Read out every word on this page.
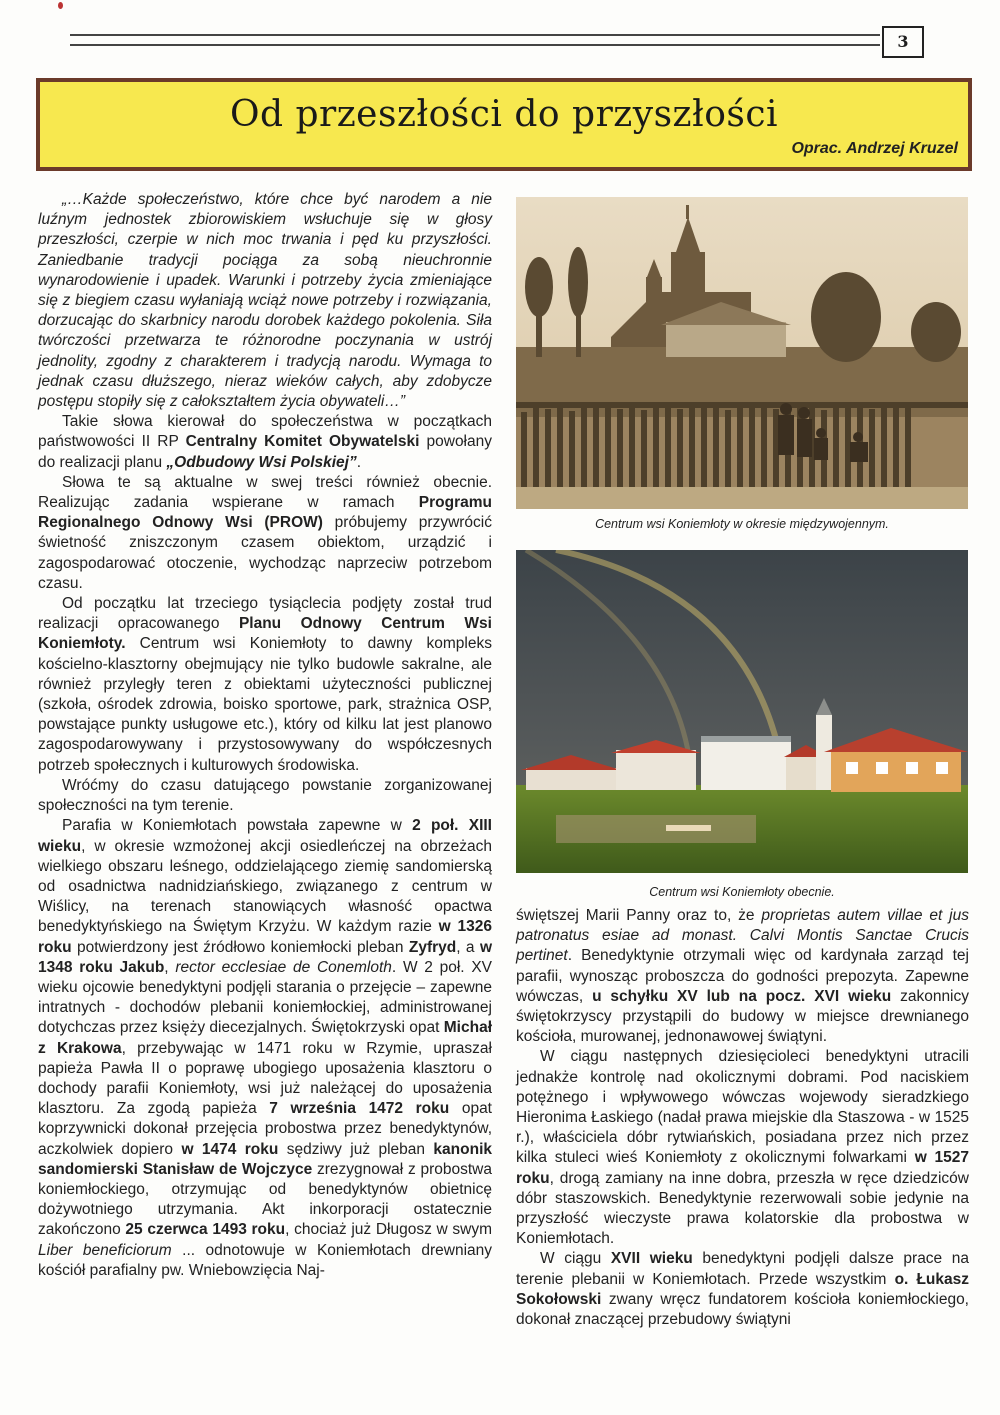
3
Od przeszłości do przyszłości
Oprac. Andrzej Kruzel

„…Każde społeczeństwo, które chce być narodem a nie luźnym jednostek zbiorowiskiem wsłuchuje się w głosy przeszłości, czerpie w nich moc trwania i pęd ku przyszłości. Zaniedbanie tradycji pociąga za sobą nieuchronnie wynarodowienie i upadek. Warunki i potrzeby życia zmieniające się z biegiem czasu wyłaniają wciąż nowe potrzeby i rozwiązania, dorzucając do skarbnicy narodu dorobek każdego pokolenia. Siła twórczości przetwarza te różnorodne poczynania w ustrój jednolity, zgodny z charakterem i tradycją narodu. Wymaga to jednak czasu dłuższego, nieraz wieków całych, aby zdobycze postępu stopiły się z całokształtem życia obywateli…”

Takie słowa kierował do społeczeństwa w początkach państwowości II RP Centralny Komitet Obywatelski powołany do realizacji planu „Odbudowy Wsi Polskiej”.

Słowa te są aktualne w swej treści również obecnie. Realizując zadania wspierane w ramach Programu Regionalnego Odnowy Wsi (PROW) próbujemy przywrócić świetność zniszczonym czasem obiektom, urządzić i zagospodarować otoczenie, wychodząc naprzeciw potrzebom czasu.

Od początku lat trzeciego tysiąclecia podjęty został trud realizacji opracowanego Planu Odnowy Centrum Wsi Koniemłoty. Centrum wsi Koniemłoty to dawny kompleks kościelno-klasztorny obejmujący nie tylko budowle sakralne, ale również przyległy teren z obiektami użyteczności publicznej (szkoła, ośrodek zdrowia, boisko sportowe, park, strażnica OSP, powstające punkty usługowe etc.), który od kilku lat jest planowo zagospodarowywany i przystosowywany do współczesnych potrzeb społecznych i kulturowych środowiska.

Wróćmy do czasu datującego powstanie zorganizowanej społeczności na tym terenie.

Parafia w Koniemłotach powstała zapewne w 2 poł. XIII wieku, w okresie wzmożonej akcji osiedleńczej na obrzeżach wielkiego obszaru leśnego, oddzielającego ziemię sandomierską od osadnictwa nadnidziańskiego, związanego z centrum w Wiślicy, na terenach stanowiących własność opactwa benedyktyńskiego na Świętym Krzyżu. W każdym razie w 1326 roku potwierdzony jest źródłowo koniemłocki pleban Zyfryd, a w 1348 roku Jakub, rector ecclesiae de Conemloth. W 2 poł. XV wieku ojcowie benedyktyni podjęli starania o przejęcie – zapewne intratnych - dochodów plebanii koniemłockiej, administrowanej dotychczas przez księży diecezjalnych. Świętokrzyski opat Michał z Krakowa, przebywając w 1471 roku w Rzymie, upraszał papieża Pawła II o poprawę ubogiego uposażenia klasztoru o dochody parafii Koniemłoty, wsi już należącej do uposażenia klasztoru. Za zgodą papieża 7 września 1472 roku opat koprzywnicki dokonał przejęcia probostwa przez benedyktynów, aczkolwiek dopiero w 1474 roku sędziwy już pleban kanonik sandomierski Stanisław de Wojczyce zrezygnował z probostwa koniemłockiego, otrzymując od benedyktynów obietnicę dożywotniego utrzymania. Akt inkorporacji ostatecznie zakończono 25 czerwca 1493 roku, chociaż już Długosz w swym Liber beneficiorum ... odnotowuje w Koniemłotach drewniany kościół parafialny pw. Wniebowzięcia Naj-

Centrum wsi Koniemłoty w okresie międzywojennym.
Centrum wsi Koniemłoty obecnie.

świętszej Marii Panny oraz to, że proprietas autem villae et jus patronatus esiae ad monast. Calvi Montis Sanctae Crucis pertinet. Benedyktynie otrzymali więc od kardynała zarząd tej parafii, wynosząc proboszcza do godności prepozyta. Zapewne wówczas, u schyłku XV lub na pocz. XVI wieku zakonnicy świętokrzyscy przystąpili do budowy w miejsce drewnianego kościoła, murowanej, jednonawowej świątyni.

W ciągu następnych dziesięcioleci benedyktyni utracili jednakże kontrolę nad okolicznymi dobrami. Pod naciskiem potężnego i wpływowego wówczas wojewody sieradzkiego Hieronima Łaskiego (nadał prawa miejskie dla Staszowa - w 1525 r.), właściciela dóbr rytwiańskich, posiadana przez nich przez kilka stuleci wieś Koniemłoty z okolicznymi folwarkami w 1527 roku, drogą zamiany na inne dobra, przeszła w ręce dziedziców dóbr staszowskich. Benedyktynie rezerwowali sobie jedynie na przyszłość wieczyste prawa kolatorskie dla probostwa w Koniemłotach.

W ciągu XVII wieku benedyktyni podjęli dalsze prace na terenie plebanii w Koniemłotach. Przede wszystkim o. Łukasz Sokołowski zwany wręcz fundatorem kościoła koniemłockiego, dokonał znaczącej przebudowy świątyni
